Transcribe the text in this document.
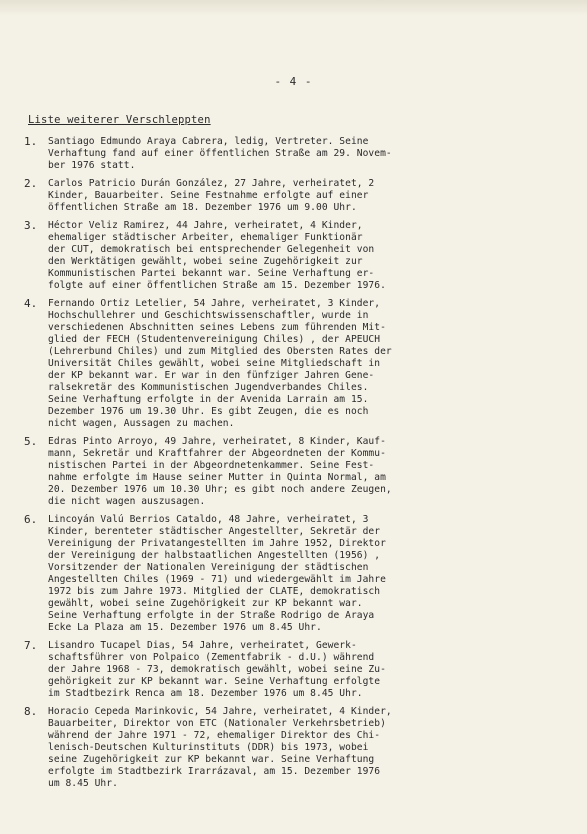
- 4 -
Liste weiterer Verschleppten
1.	Santiago Edmundo Araya Cabrera, ledig, Vertreter. Seine
Verhaftung fand auf einer öffentlichen Straße am 29. Novem-
ber 1976 statt.
2.	Carlos Patricio Durán González, 27 Jahre, verheiratet, 2
Kinder, Bauarbeiter. Seine Festnahme erfolgte auf einer
öffentlichen Straße am 18. Dezember 1976 um 9.00 Uhr.
3.	Héctor Veliz Ramirez, 44 Jahre, verheiratet, 4 Kinder,
ehemaliger städtischer Arbeiter, ehemaliger Funktionär
der CUT, demokratisch bei entsprechender Gelegenheit von
den Werktätigen gewählt, wobei seine Zugehörigkeit zur
Kommunistischen Partei bekannt war. Seine Verhaftung er-
folgte auf einer öffentlichen Straße am 15. Dezember 1976.
4.	Fernando Ortiz Letelier, 54 Jahre, verheiratet, 3 Kinder,
Hochschullehrer und Geschichtswissenschaftler, wurde in
verschiedenen Abschnitten seines Lebens zum führenden Mit-
glied der FECH (Studentenvereinigung Chiles) , der APEUCH
(Lehrerbund Chiles) und zum Mitglied des Obersten Rates der
Universität Chiles gewählt, wobei seine Mitgliedschaft in
der KP bekannt war. Er war in den fünfziger Jahren Gene-
ralsekretär des Kommunistischen Jugendverbandes Chiles.
Seine Verhaftung erfolgte in der Avenida Larrain am 15.
Dezember 1976 um 19.30 Uhr. Es gibt Zeugen, die es noch
nicht wagen, Aussagen zu machen.
5.	Edras Pinto Arroyo, 49 Jahre, verheiratet, 8 Kinder, Kauf-
mann, Sekretär und Kraftfahrer der Abgeordneten der Kommu-
nistischen Partei in der Abgeordnetenkammer. Seine Fest-
nahme erfolgte im Hause seiner Mutter in Quinta Normal, am
20. Dezember 1976 um 10.30 Uhr; es gibt noch andere Zeugen,
die nicht wagen auszusagen.
6.	Lincoyán Valú Berrios Cataldo, 48 Jahre, verheiratet, 3
Kinder, berenteter städtischer Angestellter, Sekretär der
Vereinigung der Privatangestellten im Jahre 1952, Direktor
der Vereinigung der halbstaatlichen Angestellten (1956) ,
Vorsitzender der Nationalen Vereinigung der städtischen
Angestellten Chiles (1969 - 71) und wiedergewählt im Jahre
1972 bis zum Jahre 1973. Mitglied der CLATE, demokratisch
gewählt, wobei seine Zugehörigkeit zur KP bekannt war.
Seine Verhaftung erfolgte in der Straße Rodrigo de Araya
Ecke La Plaza am 15. Dezember 1976 um 8.45 Uhr.
7.	Lisandro Tucapel Dias, 54 Jahre, verheiratet, Gewerk-
schaftsführer von Polpaico (Zementfabrik - d.U.) während
der Jahre 1968 - 73, demokratisch gewählt, wobei seine Zu-
gehörigkeit zur KP bekannt war. Seine Verhaftung erfolgte
im Stadtbezirk Renca am 18. Dezember 1976 um 8.45 Uhr.
8.	Horacio Cepeda Marinkovic, 54 Jahre, verheiratet, 4 Kinder,
Bauarbeiter, Direktor von ETC (Nationaler Verkehrsbetrieb)
während der Jahre 1971 - 72, ehemaliger Direktor des Chi-
lenisch-Deutschen Kulturinstituts (DDR) bis 1973, wobei
seine Zugehörigkeit zur KP bekannt war. Seine Verhaftung
erfolgte im Stadtbezirk Irarrázaval, am 15. Dezember 1976
um 8.45 Uhr.
